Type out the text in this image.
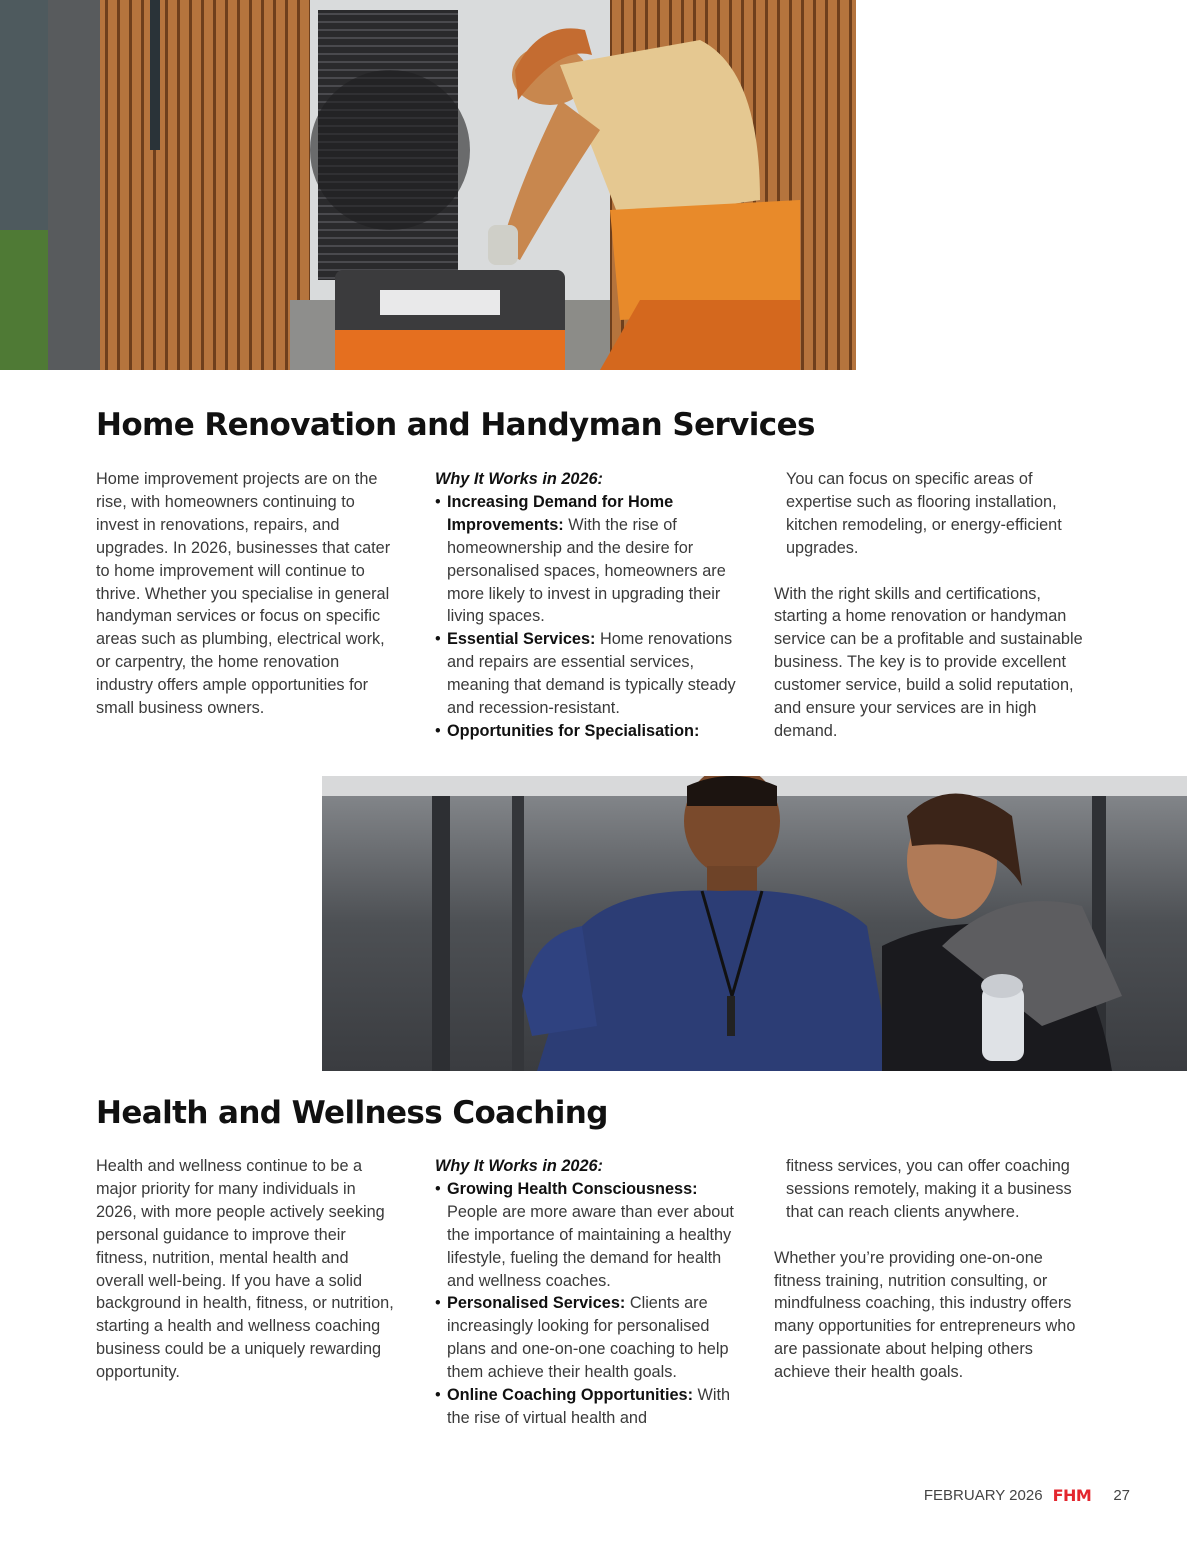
Home Renovation and Handyman Services

Home improvement projects are on the rise, with homeowners continuing to invest in renovations, repairs, and upgrades. In 2026, businesses that cater to home improvement will continue to thrive. Whether you specialise in general handyman services or focus on specific areas such as plumbing, electrical work, or carpentry, the home renovation industry offers ample opportunities for small business owners.

Why It Works in 2026:

• Increasing Demand for Home Improvements: With the rise of homeownership and the desire for personalised spaces, homeowners are more likely to invest in upgrading their living spaces.

• Essential Services: Home renovations and repairs are essential services, meaning that demand is typically steady and recession-resistant.

• Opportunities for Specialisation:

You can focus on specific areas of expertise such as flooring installation, kitchen remodeling, or energy-efficient upgrades.

With the right skills and certifications, starting a home renovation or handyman service can be a profitable and sustainable business. The key is to provide excellent customer service, build a solid reputation, and ensure your services are in high demand.

Health and Wellness Coaching

Health and wellness continue to be a major priority for many individuals in 2026, with more people actively seeking personal guidance to improve their fitness, nutrition, mental health and overall well-being. If you have a solid background in health, fitness, or nutrition, starting a health and wellness coaching business could be a uniquely rewarding opportunity.

Why It Works in 2026:

• Growing Health Consciousness: People are more aware than ever about the importance of maintaining a healthy lifestyle, fueling the demand for health and wellness coaches.

• Personalised Services: Clients are increasingly looking for personalised plans and one-on-one coaching to help them achieve their health goals.

• Online Coaching Opportunities: With the rise of virtual health and

fitness services, you can offer coaching sessions remotely, making it a business that can reach clients anywhere.

Whether you’re providing one-on-one fitness training, nutrition consulting, or mindfulness coaching, this industry offers many opportunities for entrepreneurs who are passionate about helping others achieve their health goals.

FEBRUARY 2026 FHM 27
